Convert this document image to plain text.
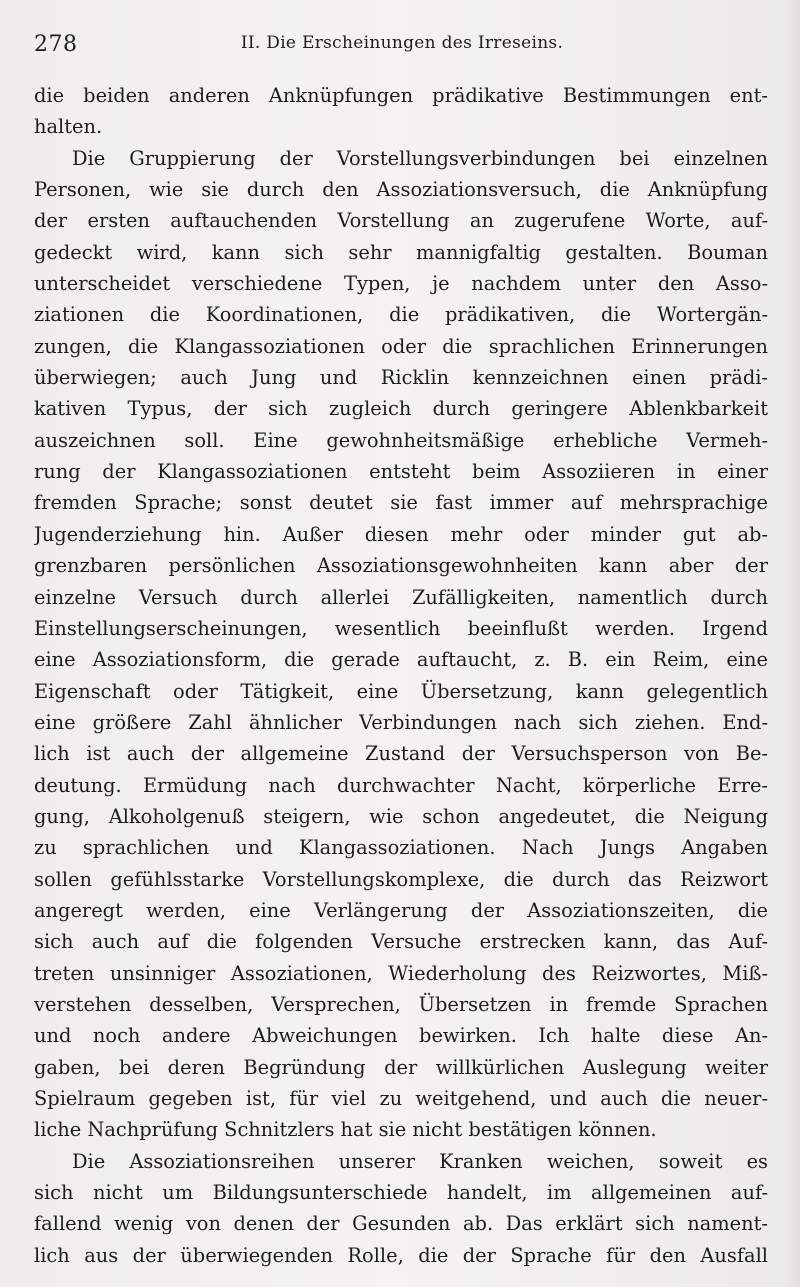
278	II. Die Erscheinungen des Irreseins.
die beiden anderen Anknüpfungen prädikative Bestimmungen ent-
halten.
Die Gruppierung der Vorstellungsverbindungen bei einzelnen
Personen, wie sie durch den Assoziationsversuch, die Anknüpfung
der ersten auftauchenden Vorstellung an zugerufene Worte, auf-
gedeckt wird, kann sich sehr mannigfaltig gestalten. Bouman
unterscheidet verschiedene Typen, je nachdem unter den Asso-
ziationen die Koordinationen, die prädikativen, die Wortergän-
zungen, die Klangassoziationen oder die sprachlichen Erinnerungen
überwiegen; auch Jung und Ricklin kennzeichnen einen prädi-
kativen Typus, der sich zugleich durch geringere Ablenkbarkeit
auszeichnen soll. Eine gewohnheitsmäßige erhebliche Vermeh-
rung der Klangassoziationen entsteht beim Assoziieren in einer
fremden Sprache; sonst deutet sie fast immer auf mehrsprachige
Jugenderziehung hin. Außer diesen mehr oder minder gut ab-
grenzbaren persönlichen Assoziationsgewohnheiten kann aber der
einzelne Versuch durch allerlei Zufälligkeiten, namentlich durch
Einstellungserscheinungen, wesentlich beeinflußt werden. Irgend
eine Assoziationsform, die gerade auftaucht, z. B. ein Reim, eine
Eigenschaft oder Tätigkeit, eine Übersetzung, kann gelegentlich
eine größere Zahl ähnlicher Verbindungen nach sich ziehen. End-
lich ist auch der allgemeine Zustand der Versuchsperson von Be-
deutung. Ermüdung nach durchwachter Nacht, körperliche Erre-
gung, Alkoholgenuß steigern, wie schon angedeutet, die Neigung
zu sprachlichen und Klangassoziationen. Nach Jungs Angaben
sollen gefühlsstarke Vorstellungskomplexe, die durch das Reizwort
angeregt werden, eine Verlängerung der Assoziationszeiten, die
sich auch auf die folgenden Versuche erstrecken kann, das Auf-
treten unsinniger Assoziationen, Wiederholung des Reizwortes, Miß-
verstehen desselben, Versprechen, Übersetzen in fremde Sprachen
und noch andere Abweichungen bewirken. Ich halte diese An-
gaben, bei deren Begründung der willkürlichen Auslegung weiter
Spielraum gegeben ist, für viel zu weitgehend, und auch die neuer-
liche Nachprüfung Schnitzlers hat sie nicht bestätigen können.
Die Assoziationsreihen unserer Kranken weichen, soweit es
sich nicht um Bildungsunterschiede handelt, im allgemeinen auf-
fallend wenig von denen der Gesunden ab. Das erklärt sich nament-
lich aus der überwiegenden Rolle, die der Sprache für den Ausfall
